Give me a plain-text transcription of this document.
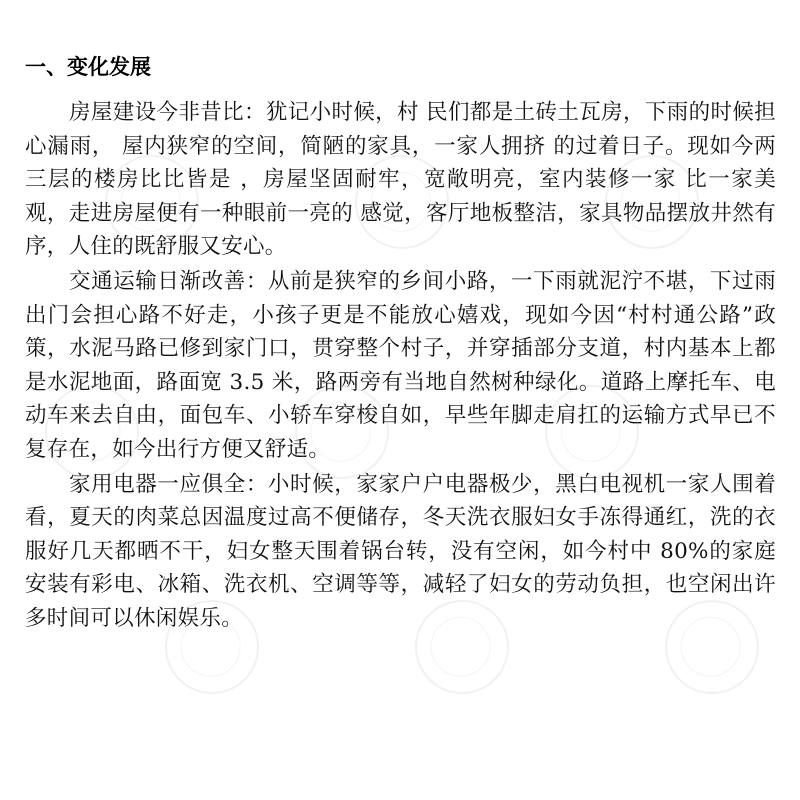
一、变化发展

房屋建设今非昔比：犹记小时候，村 民们都是土砖土瓦房，下雨的时候担心漏雨， 屋内狭窄的空间，简陋的家具，一家人拥挤 的过着日子。现如今两三层的楼房比比皆是 ，房屋坚固耐牢，宽敞明亮，室内装修一家 比一家美观，走进房屋便有一种眼前一亮的 感觉，客厅地板整洁，家具物品摆放井然有序，人住的既舒服又安心。

交通运输日渐改善：从前是狭窄的乡间小路，一下雨就泥泞不堪，下过雨出门会担心路不好走，小孩子更是不能放心嬉戏，现如今因“村村通公路”政策，水泥马路已修到家门口，贯穿整个村子，并穿插部分支道，村内基本上都是水泥地面，路面宽 3.5 米，路两旁有当地自然树种绿化。道路上摩托车、电动车来去自由，面包车、小轿车穿梭自如，早些年脚走肩扛的运输方式早已不复存在，如今出行方便又舒适。

家用电器一应俱全：小时候，家家户户电器极少，黑白电视机一家人围着看，夏天的肉菜总因温度过高不便储存，冬天洗衣服妇女手冻得通红，洗的衣服好几天都晒不干，妇女整天围着锅台转，没有空闲，如今村中 80%的家庭安装有彩电、冰箱、洗衣机、空调等等，减轻了妇女的劳动负担，也空闲出许多时间可以休闲娱乐。
